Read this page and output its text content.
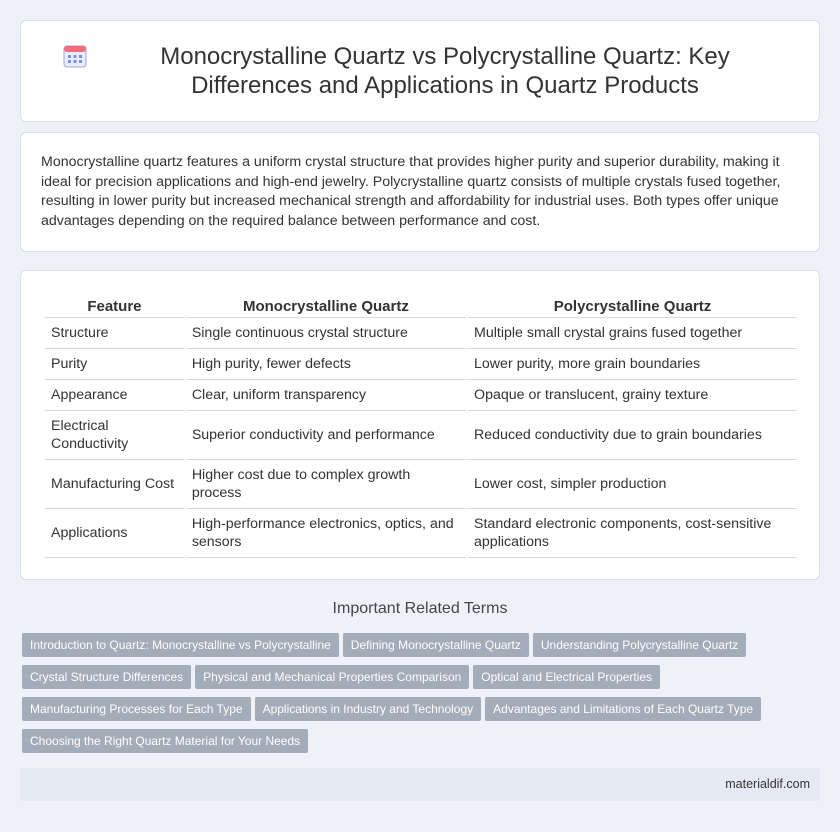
Monocrystalline Quartz vs Polycrystalline Quartz: Key Differences and Applications in Quartz Products

Monocrystalline quartz features a uniform crystal structure that provides higher purity and superior durability, making it ideal for precision applications and high-end jewelry. Polycrystalline quartz consists of multiple crystals fused together, resulting in lower purity but increased mechanical strength and affordability for industrial uses. Both types offer unique advantages depending on the required balance between performance and cost.

Feature	Monocrystalline Quartz	Polycrystalline Quartz
Structure	Single continuous crystal structure	Multiple small crystal grains fused together
Purity	High purity, fewer defects	Lower purity, more grain boundaries
Appearance	Clear, uniform transparency	Opaque or translucent, grainy texture
Electrical Conductivity	Superior conductivity and performance	Reduced conductivity due to grain boundaries
Manufacturing Cost	Higher cost due to complex growth process	Lower cost, simpler production
Applications	High-performance electronics, optics, and sensors	Standard electronic components, cost-sensitive applications
Important Related Terms
Introduction to Quartz: Monocrystalline vs Polycrystalline Defining Monocrystalline Quartz Understanding Polycrystalline Quartz
Crystal Structure Differences Physical and Mechanical Properties Comparison Optical and Electrical Properties
Manufacturing Processes for Each Type Applications in Industry and Technology Advantages and Limitations of Each Quartz Type
Choosing the Right Quartz Material for Your Needs
materialdif.com
